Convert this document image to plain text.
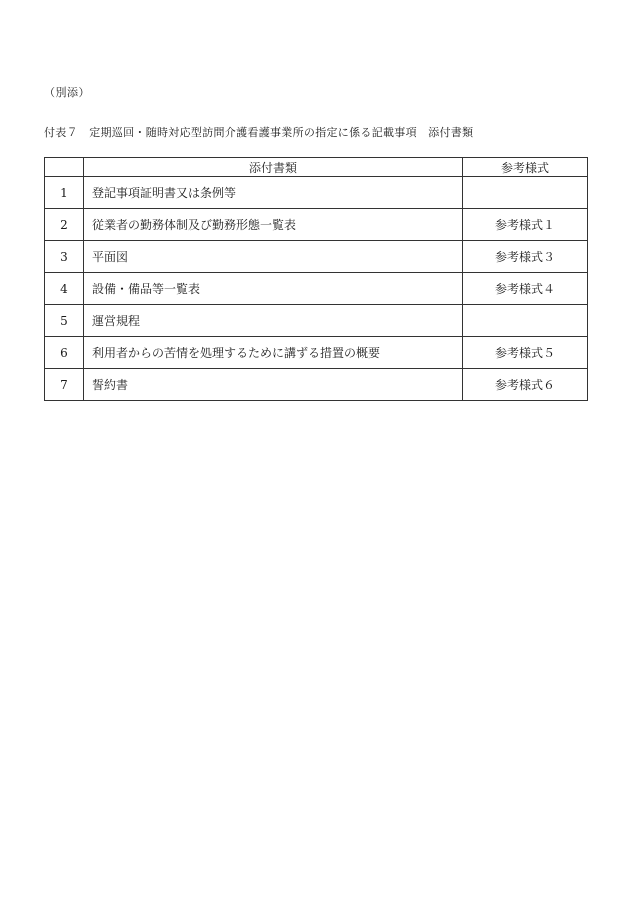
（別添）
付表７　定期巡回・随時対応型訪問介護看護事業所の指定に係る記載事項　添付書類
	添付書類	参考様式
1	登記事項証明書又は条例等	
2	従業者の勤務体制及び勤務形態一覧表	参考様式１
3	平面図	参考様式３
4	設備・備品等一覧表	参考様式４
5	運営規程	
6	利用者からの苦情を処理するために講ずる措置の概要	参考様式５
7	誓約書	参考様式６
